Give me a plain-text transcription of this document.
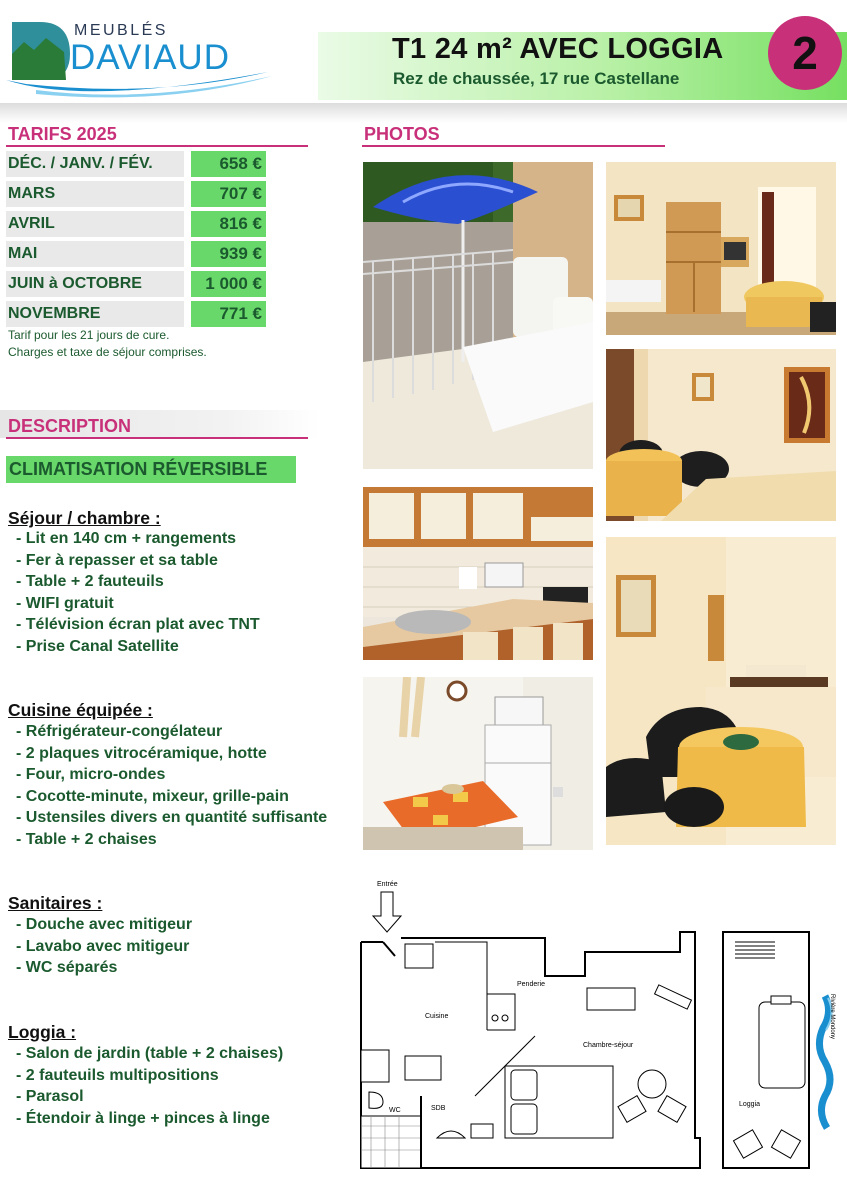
MEUBLÉS
DAVIAUD	T1 24 m² AVEC LOGGIA
Rez de chaussée, 17 rue Castellane	2
TARIFS 2025
DÉC. / JANV. / FÉV.	658 €
MARS	707 €
AVRIL	816 €
MAI	939 €
JUIN à OCTOBRE	1 000 €
NOVEMBRE	771 €
Tarif pour les 21 jours de cure.
Charges et taxe de séjour comprises.
DESCRIPTION
CLIMATISATION RÉVERSIBLE
Séjour / chambre :
- Lit en 140 cm + rangements
- Fer à repasser et sa table
- Table + 2 fauteuils
- WIFI gratuit
- Télévision écran plat avec TNT
- Prise Canal Satellite
Cuisine équipée :
- Réfrigérateur-congélateur
- 2 plaques vitrocéramique, hotte
- Four, micro-ondes
- Cocotte-minute, mixeur, grille-pain
- Ustensiles divers en quantité suffisante
- Table + 2 chaises
Sanitaires :
- Douche avec mitigeur
- Lavabo avec mitigeur
- WC séparés
Loggia :
- Salon de jardin (table + 2 chaises)
- 2 fauteuils multipositions
- Parasol
- Étendoir à linge + pinces à linge
PHOTOS
Entrée
Penderie
Cuisine
Chambre-séjour
WC	SDB
Loggia
Rivière Mondony
